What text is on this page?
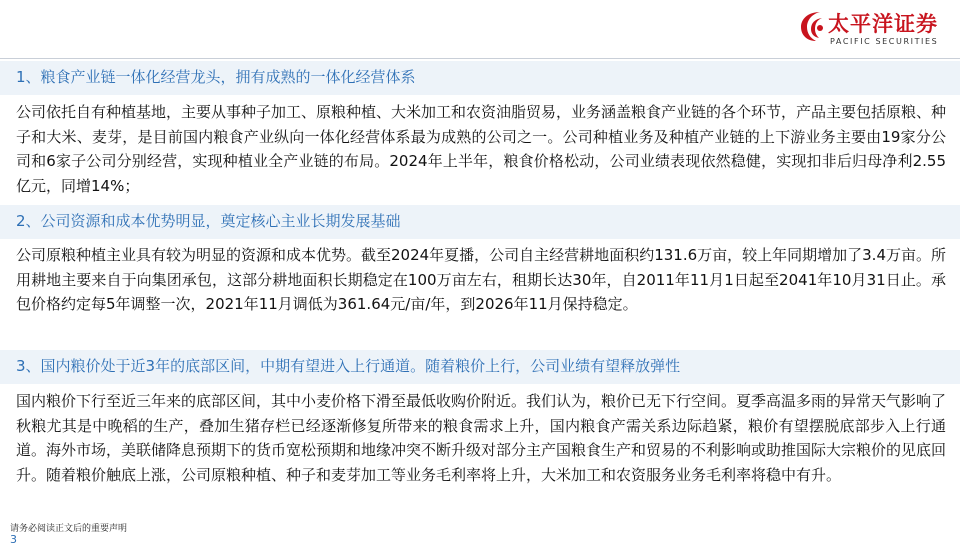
太平洋证券
PACIFIC SECURITIES
1、粮食产业链一体化经营龙头，拥有成熟的一体化经营体系

公司依托自有种植基地，主要从事种子加工、原粮种植、大米加工和农资油脂贸易，业务涵盖粮食产业链的各个环节，产品主要包括原粮、种子和大米、麦芽，是目前国内粮食产业纵向一体化经营体系最为成熟的公司之一。公司种植业务及种植产业链的上下游业务主要由19家分公司和6家子公司分别经营，实现种植业全产业链的布局。2024年上半年，粮食价格松动，公司业绩表现依然稳健，实现扣非后归母净利2.55亿元，同增14%；

2、公司资源和成本优势明显，奠定核心主业长期发展基础

公司原粮种植主业具有较为明显的资源和成本优势。截至2024年夏播，公司自主经营耕地面积约131.6万亩，较上年同期增加了3.4万亩。所用耕地主要来自于向集团承包，这部分耕地面积长期稳定在100万亩左右，租期长达30年，自2011年11月1日起至2041年10月31日止。承包价格约定每5年调整一次，2021年11月调低为361.64元/亩/年，到2026年11月保持稳定。

3、国内粮价处于近3年的底部区间，中期有望进入上行通道。随着粮价上行，公司业绩有望释放弹性

国内粮价下行至近三年来的底部区间，其中小麦价格下滑至最低收购价附近。我们认为，粮价已无下行空间。夏季高温多雨的异常天气影响了秋粮尤其是中晚稻的生产，叠加生猪存栏已经逐渐修复所带来的粮食需求上升，国内粮食产需关系边际趋紧，粮价有望摆脱底部步入上行通道。海外市场，美联储降息预期下的货币宽松预期和地缘冲突不断升级对部分主产国粮食生产和贸易的不利影响或助推国际大宗粮价的见底回升。随着粮价触底上涨，公司原粮种植、种子和麦芽加工等业务毛利率将上升，大米加工和农资服务业务毛利率将稳中有升。

请务必阅读正文后的重要声明
3
